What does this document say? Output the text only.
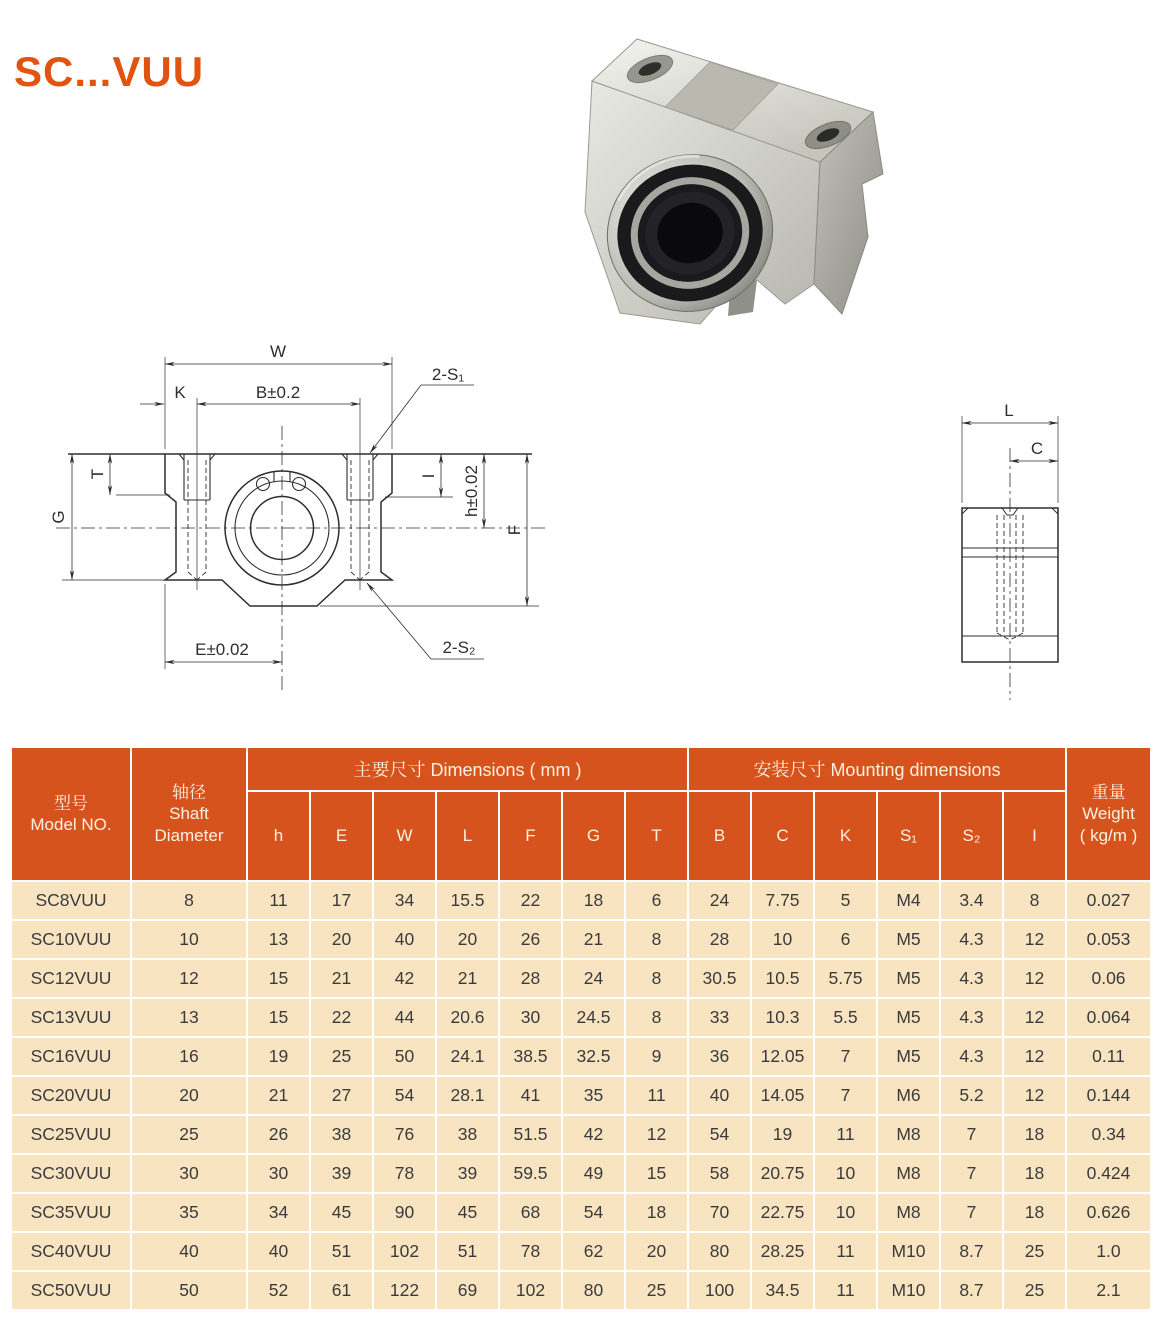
SC...VUU
W
K	B±0.2
2-S₁
T
G
I h±0.02
F
E±0.02	2-S₂
L
C
型号
Model NO.

轴径
Shaft
Diameter
	主要尺寸 Dimensions ( mm )	安装尺寸 Mounting dimensions	
重量
Weight
( kg/m )

		h	E	W	L	F	G	T	B	C	K	S₁	S₂	I	
SC8VUU	8	11	17	34	15.5	22	18	6	24	7.75	5	M4	3.4	8	0.027
SC10VUU	10	13	20	40	20	26	21	8	28	10	6	M5	4.3	12	0.053
SC12VUU	12	15	21	42	21	28	24	8	30.5	10.5	5.75	M5	4.3	12	0.06
SC13VUU	13	15	22	44	20.6	30	24.5	8	33	10.3	5.5	M5	4.3	12	0.064
SC16VUU	16	19	25	50	24.1	38.5	32.5	9	36	12.05	7	M5	4.3	12	0.11
SC20VUU	20	21	27	54	28.1	41	35	11	40	14.05	7	M6	5.2	12	0.144
SC25VUU	25	26	38	76	38	51.5	42	12	54	19	11	M8	7	18	0.34
SC30VUU	30	30	39	78	39	59.5	49	15	58	20.75	10	M8	7	18	0.424
SC35VUU	35	34	45	90	45	68	54	18	70	22.75	10	M8	7	18	0.626
SC40VUU	40	40	51	102	51	78	62	20	80	28.25	11	M10	8.7	25	1.0
SC50VUU	50	52	61	122	69	102	80	25	100	34.5	11	M10	8.7	25	2.1
